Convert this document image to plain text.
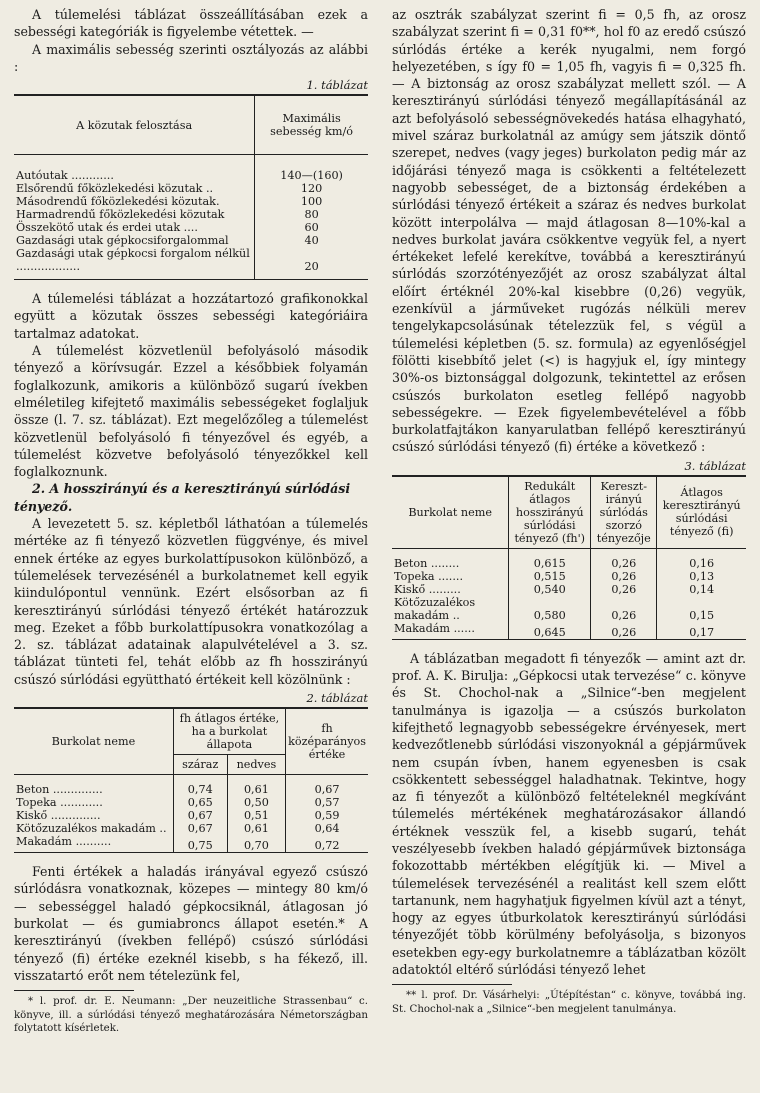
A túlemelési táblázat összeállításában ezek a sebességi kategóriák is figyelembe vétettek. —

A maximális sebesség szerinti osztályozás az alábbi :

1. táblázat
A közutak felosztása	Maximális sebesség km/ó

Autóutak ............	140—(160)
Elsőrendű főközlekedési közutak ..	120
Másodrendű főközlekedési közutak.	100
Harmadrendű főközlekedési közutak	80
Összekötő utak és erdei utak ....	60
Gazdasági utak gépkocsiforgalommal	40
Gazdasági utak gépkocsi forgalom nélkül ..................	20

A túlemelési táblázat a hozzátartozó grafikonokkal együtt a közutak összes sebességi kategóriáira tartalmaz adatokat.

A túlemelést közvetlenül befolyásoló második tényező a körívsugár. Ezzel a későbbiek folyamán foglalkozunk, amikoris a különböző sugarú ívekben elméletileg kifejtető maximális sebességeket foglaljuk össze (l. 7. sz. táblázat). Ezt megelőzőleg a túlemelést közvetlenül befolyásoló fi tényezővel és egyéb, a túlemelést közvetve befolyásoló tényezőkkel kell foglalkoznunk.

2. A hosszirányú és a keresztirányú súrlódási tényező.

A levezetett 5. sz. képletből láthatóan a túlemelés mértéke az fi tényező közvetlen függvénye, és mivel ennek értéke az egyes burkolattípusokon különböző, a túlemelések tervezésénél a burkolatnemet kell egyik kiindulópontul vennünk. Ezért elsősorban az fi keresztirányú súrlódási tényező értékét határozzuk meg. Ezeket a főbb burkolattípusokra vonatkozólag a 2. sz. táblázat adatainak alapulvételével a 3. sz. táblázat tünteti fel, tehát előbb az fh hosszirányú csúszó súrlódási együttható értékeit kell közölnünk :

2. táblázat
Burkolat neme	fh átlagos értéke, ha a burkolat állapota		fh középarányos értéke
	száraz	nedves	

Beton ..............	0,74	0,61	0,67
Topeka ............	0,65	0,50	0,57
Kiskő ..............	0,67	0,51	0,59
Kötőzuzalékos makadám ..	0,67	0,61	0,64
Makadám ..........	0,75	0,70	0,72

Fenti értékek a haladás irányával egyező csúszó súrlódásra vonatkoznak, közepes — mintegy 80 km/ó — sebességgel haladó gépkocsiknál, átlagosan jó burkolat — és gumiabroncs állapot esetén.* A keresztirányú (ívekben fellépő) csúszó súrlódási tényező (fi) értéke ezeknél kisebb, s ha fékező, ill. visszatartó erőt nem tételezünk fel,

* l. prof. dr. E. Neumann: „Der neuzeitliche Strassenbau“ c. könyve, ill. a súrlódási tényező meghatározására Németországban folytatott kísérletek.

az osztrák szabályzat szerint fi = 0,5 fh, az orosz szabályzat szerint fi = 0,31 f0**, hol f0 az eredő csúszó súrlódás értéke a kerék nyugalmi, nem forgó helyezetében, s így f0 = 1,05 fh, vagyis fi = 0,325 fh. — A biztonság az orosz szabályzat mellett szól. — A keresztirányú súrlódási tényező megállapításánál az azt befolyásoló sebességnövekedés hatása elhagyható, mivel száraz burkolatnál az amúgy sem játszik döntő szerepet, nedves (vagy jeges) burkolaton pedig már az időjárási tényező maga is csökkenti a feltételezett nagyobb sebességet, de a biztonság érdekében a súrlódási tényező értékeit a száraz és nedves burkolat között interpolálva — majd átlagosan 8—10%-kal a nedves burkolat javára csökkentve vegyük fel, a nyert értékeket lefelé kerekítve, továbbá a keresztirányú súrlódás szorzótényezőjét az orosz szabályzat által előírt értéknél 20%-kal kisebbre (0,26) vegyük, ezenkívül a járműveket rugózás nélküli merev tengelykapcsolásúnak tételezzük fel, s végül a túlemelési képletben (5. sz. formula) az egyenlőségjel fölötti kisebbítő jelet (<) is hagyjuk el, így mintegy 30%-os biztonsággal dolgozunk, tekintettel az erősen csúszós burkolaton esetleg fellépő nagyobb sebességekre. — Ezek figyelembevételével a főbb burkolatfajtákon kanyarulatban fellépő keresztirányú csúszó súrlódási tényező (fi) értéke a következő :

3. táblázat
Burkolat neme	Redukált átlagos hosszirányú súrlódási tényező (fh')	Kereszt-irányú súrlódás szorzó tényezője	Átlagos keresztirányú súrlódási tényező (fi)

Beton ........	0,615	0,26	0,16
Topeka .......	0,515	0,26	0,13
Kiskő .........	0,540	0,26	0,14
Kötőzuzalékos makadám ..	0,580	0,26	0,15
Makadám ......	0,645	0,26	0,17

A táblázatban megadott fi tényezők — amint azt dr. prof. A. K. Birulja: „Gépkocsi utak tervezése“ c. könyve és St. Chochol-nak a „Silnice“-ben megjelent tanulmánya is igazolja — a csúszós burkolaton kifejthető legnagyobb sebességekre érvényesek, mert kedvezőtlenebb súrlódási viszonyoknál a gépjárművek nem csupán ívben, hanem egyenesben is csak csökkentett sebességgel haladhatnak. Tekintve, hogy az fi tényezőt a különböző feltételeknél megkívánt túlemelés mértékének meghatározásakor állandó értéknek vesszük fel, a kisebb sugarú, tehát veszélyesebb ívekben haladó gépjárművek biztonsága fokozottabb mértékben elégítjük ki. — Mivel a túlemelések tervezésénél a realitást kell szem előtt tartanunk, nem hagyhatjuk figyelmen kívül azt a tényt, hogy az egyes útburkolatok keresztirányú súrlódási tényezőjét több körülmény befolyásolja, s bizonyos esetekben egy-egy burkolatnemre a táblázatban közölt adatoktól eltérő súrlódási tényező lehet

** l. prof. Dr. Vásárhelyi: „Útépítéstan“ c. könyve, továbbá ing. St. Chochol-nak a „Silnice“-ben megjelent tanulmánya.
